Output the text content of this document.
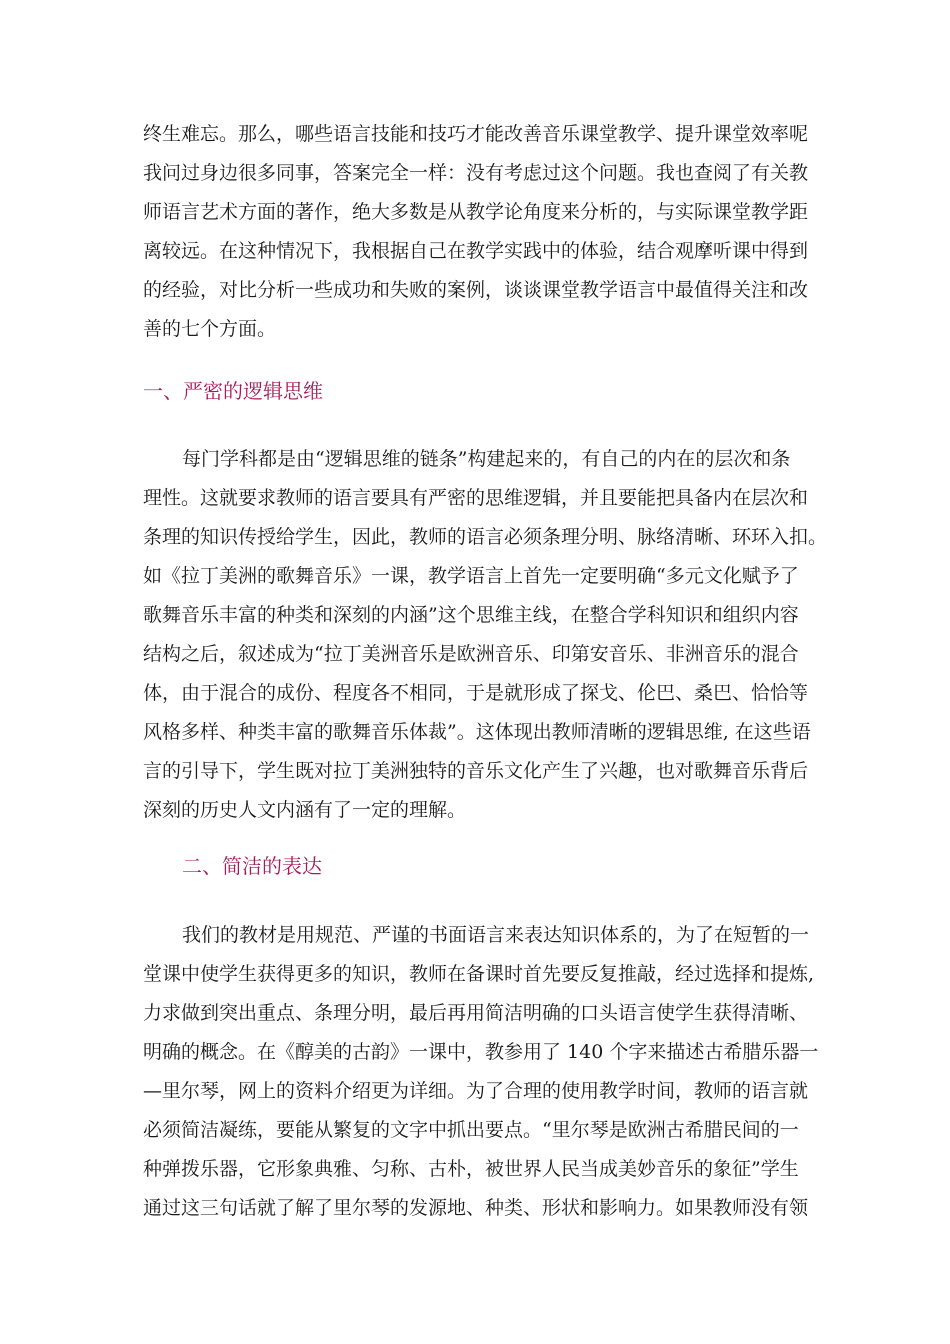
终生难忘。那么，哪些语言技能和技巧才能改善音乐课堂教学、提升课堂效率呢
我问过身边很多同事，答案完全一样：没有考虑过这个问题。我也查阅了有关教
师语言艺术方面的著作，绝大多数是从教学论角度来分析的，与实际课堂教学距
离较远。在这种情况下，我根据自己在教学实践中的体验，结合观摩听课中得到
的经验，对比分析一些成功和失败的案例，谈谈课堂教学语言中最值得关注和改
善的七个方面。
一、严密的逻辑思维
每门学科都是由“逻辑思维的链条”构建起来的，有自己的内在的层次和条
理性。这就要求教师的语言要具有严密的思维逻辑，并且要能把具备内在层次和
条理的知识传授给学生，因此，教师的语言必须条理分明、脉络清晰、环环入扣。
如《拉丁美洲的歌舞音乐》一课，教学语言上首先一定要明确“多元文化赋予了
歌舞音乐丰富的种类和深刻的内涵”这个思维主线，在整合学科知识和组织内容
结构之后，叙述成为“拉丁美洲音乐是欧洲音乐、印第安音乐、非洲音乐的混合
体，由于混合的成份、程度各不相同，于是就形成了探戈、伦巴、桑巴、恰恰等
风格多样、种类丰富的歌舞音乐体裁”。这体现出教师清晰的逻辑思维, 在这些语
言的引导下，学生既对拉丁美洲独特的音乐文化产生了兴趣，也对歌舞音乐背后
深刻的历史人文内涵有了一定的理解。
二、简洁的表达
我们的教材是用规范、严谨的书面语言来表达知识体系的，为了在短暂的一
堂课中使学生获得更多的知识，教师在备课时首先要反复推敲，经过选择和提炼,
力求做到突出重点、条理分明，最后再用简洁明确的口头语言使学生获得清晰、
明确的概念。在《醇美的古韵》一课中，教参用了 140 个字来描述古希腊乐器一
—里尔琴，网上的资料介绍更为详细。为了合理的使用教学时间，教师的语言就
必须简洁凝练，要能从繁复的文字中抓出要点。“里尔琴是欧洲古希腊民间的一
种弹拨乐器，它形象典雅、匀称、古朴，被世界人民当成美妙音乐的象征”学生
通过这三句话就了解了里尔琴的发源地、种类、形状和影响力。如果教师没有领
